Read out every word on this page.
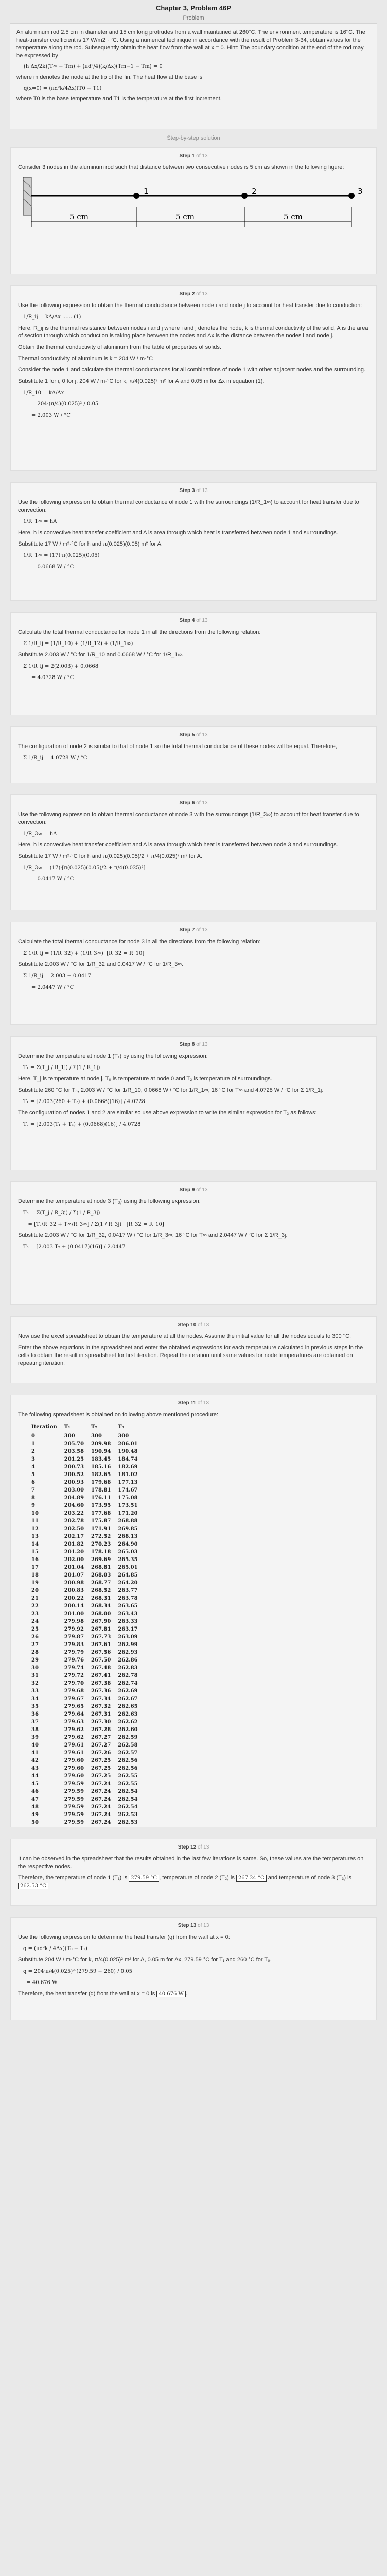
Chapter 3, Problem 46P
Problem

An aluminum rod 2.5 cm in diameter and 15 cm long protrudes from a wall maintained at 260°C. The environment temperature is 16°C. The heat-transfer coefficient is 17 W/m2 · °C. Using a numerical technique in accordance with the result of Problem 3-34, obtain values for the temperature along the rod. Subsequently obtain the heat flow from the wall at x = 0. Hint: The boundary condition at the end of the rod may be expressed by

(h Δx/2k)(T∞ − Tm) + (πd²/4)(k/Δx)(Tm−1 − Tm) = 0

where m denotes the node at the tip of the fin. The heat flow at the base is

q(x=0) = (πd²k/4Δx)(T0 − T1)

where T0 is the base temperature and T1 is the temperature at the first increment.

Step-by-step solution
Step 1 of 13

Consider 3 nodes in the aluminum rod such that distance between two consecutive nodes is 5 cm as shown in the following figure:

1	2	3
5 cm	5 cm	5 cm
Step 2 of 13

Use the following expression to obtain the thermal conductance between node i and node j to account for heat transfer due to conduction:

1/R_ij = kA/Δx ...... (1)

Here, R_ij is the thermal resistance between nodes i and j where i and j denotes the node, k is thermal conductivity of the solid, A is the area of section through which conduction is taking place between the nodes and Δx is the distance between the nodes i and node j.

Obtain the thermal conductivity of aluminum from the table of properties of solids.

Thermal conductivity of aluminum is k = 204 W / m·°C

Consider the node 1 and calculate the thermal conductances for all combinations of node 1 with other adjacent nodes and the surrounding.

Substitute 1 for i, 0 for j, 204 W / m·°C for k, π/4(0.025)² m² for A and 0.05 m for Δx in equation (1).

1/R_10 = kA/Δx
= 204·(π/4)(0.025)² / 0.05
= 2.003 W / °C
Step 3 of 13

Use the following expression to obtain thermal conductance of node 1 with the surroundings (1/R_1∞) to account for heat transfer due to convection:

1/R_1∞ = hA

Here, h is convective heat transfer coefficient and A is area through which heat is transferred between node 1 and surroundings.

Substitute 17 W / m²·°C for h and π(0.025)(0.05) m² for A.

1/R_1∞ = (17)·π(0.025)(0.05)
= 0.0668 W / °C
Step 4 of 13

Calculate the total thermal conductance for node 1 in all the directions from the following relation:

Σ 1/R_ij = (1/R_10) + (1/R_12) + (1/R_1∞)

Substitute 2.003 W / °C for 1/R_10 and 0.0668 W / °C for 1/R_1∞.

Σ 1/R_ij = 2(2.003) + 0.0668
= 4.0728 W / °C
Step 5 of 13

The configuration of node 2 is similar to that of node 1 so the total thermal conductance of these nodes will be equal. Therefore,

Σ 1/R_ij = 4.0728 W / °C
Step 6 of 13

Use the following expression to obtain thermal conductance of node 3 with the surroundings (1/R_3∞) to account for heat transfer due to convection:

1/R_3∞ = hA

Here, h is convective heat transfer coefficient and A is area through which heat is transferred between node 3 and surroundings.

Substitute 17 W / m²·°C for h and π(0.025)(0.05)/2 + π/4(0.025)² m² for A.

1/R_3∞ = (17)·[π(0.025)(0.05)/2 + π/4(0.025)²]
= 0.0417 W / °C
Step 7 of 13

Calculate the total thermal conductance for node 3 in all the directions from the following relation:

Σ 1/R_ij = (1/R_32) + (1/R_3∞)  [R_32 = R_10]

Substitute 2.003 W / °C for 1/R_32 and 0.0417 W / °C for 1/R_3∞.

Σ 1/R_ij = 2.003 + 0.0417
= 2.0447 W / °C
Step 8 of 13

Determine the temperature at node 1 (T₁) by using the following expression:

T₁ = Σ(T_j / R_1j) / Σ(1 / R_1j)

Here, T_j is temperature at node j, T₀ is temperature at node 0 and T₂ is temperature of surroundings.

Substitute 260 °C for T₀, 2.003 W / °C for 1/R_10, 0.0668 W / °C for 1/R_1∞, 16 °C for T∞ and 4.0728 W / °C for Σ 1/R_1j.

T₁ = [2.003(260 + T₂) + (0.0668)(16)] / 4.0728

The configuration of nodes 1 and 2 are similar so use above expression to write the similar expression for T₂ as follows:

T₂ = [2.003(T₁ + T₃) + (0.0668)(16)] / 4.0728
Step 9 of 13

Determine the temperature at node 3 (T₃) using the following expression:

T₃ = Σ(T_j / R_3j) / Σ(1 / R_3j)
= [T₂/R_32 + T∞/R_3∞] / Σ(1 / R_3j)   [R_32 = R_10]

Substitute 2.003 W / °C for 1/R_32, 0.0417 W / °C for 1/R_3∞, 16 °C for T∞ and 2.0447 W / °C for Σ 1/R_3j.

T₃ = [2.003 T₂ + (0.0417)(16)] / 2.0447
Step 10 of 13

Now use the excel spreadsheet to obtain the temperature at all the nodes. Assume the initial value for all the nodes equals to 300 °C.

Enter the above equations in the spreadsheet and enter the obtained expressions for each temperature calculated in previous steps in the cells to obtain the result in spreadsheet for first iteration. Repeat the iteration until same values for node temperatures are obtained on repeating iteration.

Step 11 of 13

The following spreadsheet is obtained on following above mentioned procedure:

Iteration	T₁	T₂	T₃
0	300	300	300
1	205.70	209.98	206.01
2	203.58	190.94	190.48
3	201.25	183.45	184.74
4	200.73	185.16	182.69
5	200.52	182.65	181.02
6	200.93	179.68	177.13
7	203.00	178.81	174.67
8	204.89	176.11	175.08
9	204.60	173.95	173.51
10	203.22	177.68	171.20
11	202.78	175.87	268.88
12	202.50	171.91	269.85
13	202.17	272.52	268.13
14	201.82	270.23	264.90
15	201.20	178.18	265.03
16	202.00	269.69	265.35
17	201.04	268.81	265.01
18	201.07	268.03	264.85
19	200.98	268.77	264.20
20	200.83	268.52	263.77
21	200.22	268.31	263.78
22	200.14	268.34	263.65
23	201.00	268.00	263.43
24	279.98	267.90	263.33
25	279.92	267.81	263.17
26	279.87	267.73	263.09
27	279.83	267.61	262.99
28	279.79	267.56	262.93
29	279.76	267.50	262.86
30	279.74	267.48	262.83
31	279.72	267.41	262.78
32	279.70	267.38	262.74
33	279.68	267.36	262.69
34	279.67	267.34	262.67
35	279.65	267.32	262.65
36	279.64	267.31	262.63
37	279.63	267.30	262.62
38	279.62	267.28	262.60
39	279.62	267.27	262.59
40	279.61	267.27	262.58
41	279.61	267.26	262.57
42	279.60	267.25	262.56
43	279.60	267.25	262.56
44	279.60	267.25	262.55
45	279.59	267.24	262.55
46	279.59	267.24	262.54
47	279.59	267.24	262.54
48	279.59	267.24	262.54
49	279.59	267.24	262.53
50	279.59	267.24	262.53
Step 12 of 13

It can be observed in the spreadsheet that the results obtained in the last few iterations is same. So, these values are the temperatures on the respective nodes.

Therefore, the temperature of node 1 (T₁) is 279.59 °C , temperature of node 2 (T₂) is 267.24 °C and temperature of node 3 (T₃) is 262.53 °C .

Step 13 of 13

Use the following expression to determine the heat transfer (q) from the wall at x = 0:

q = (πd²k / 4Δx)(T₀ − T₁)

Substitute 204 W / m·°C for k, π/4(0.025)² m² for A, 0.05 m for Δx, 279.59 °C for T₁ and 260 °C for T₀.

q = 204·π/4(0.025)²·(279.59 − 260) / 0.05
= 40.676 W

Therefore, the heat transfer (q) from the wall at x = 0 is 40.676 W .
